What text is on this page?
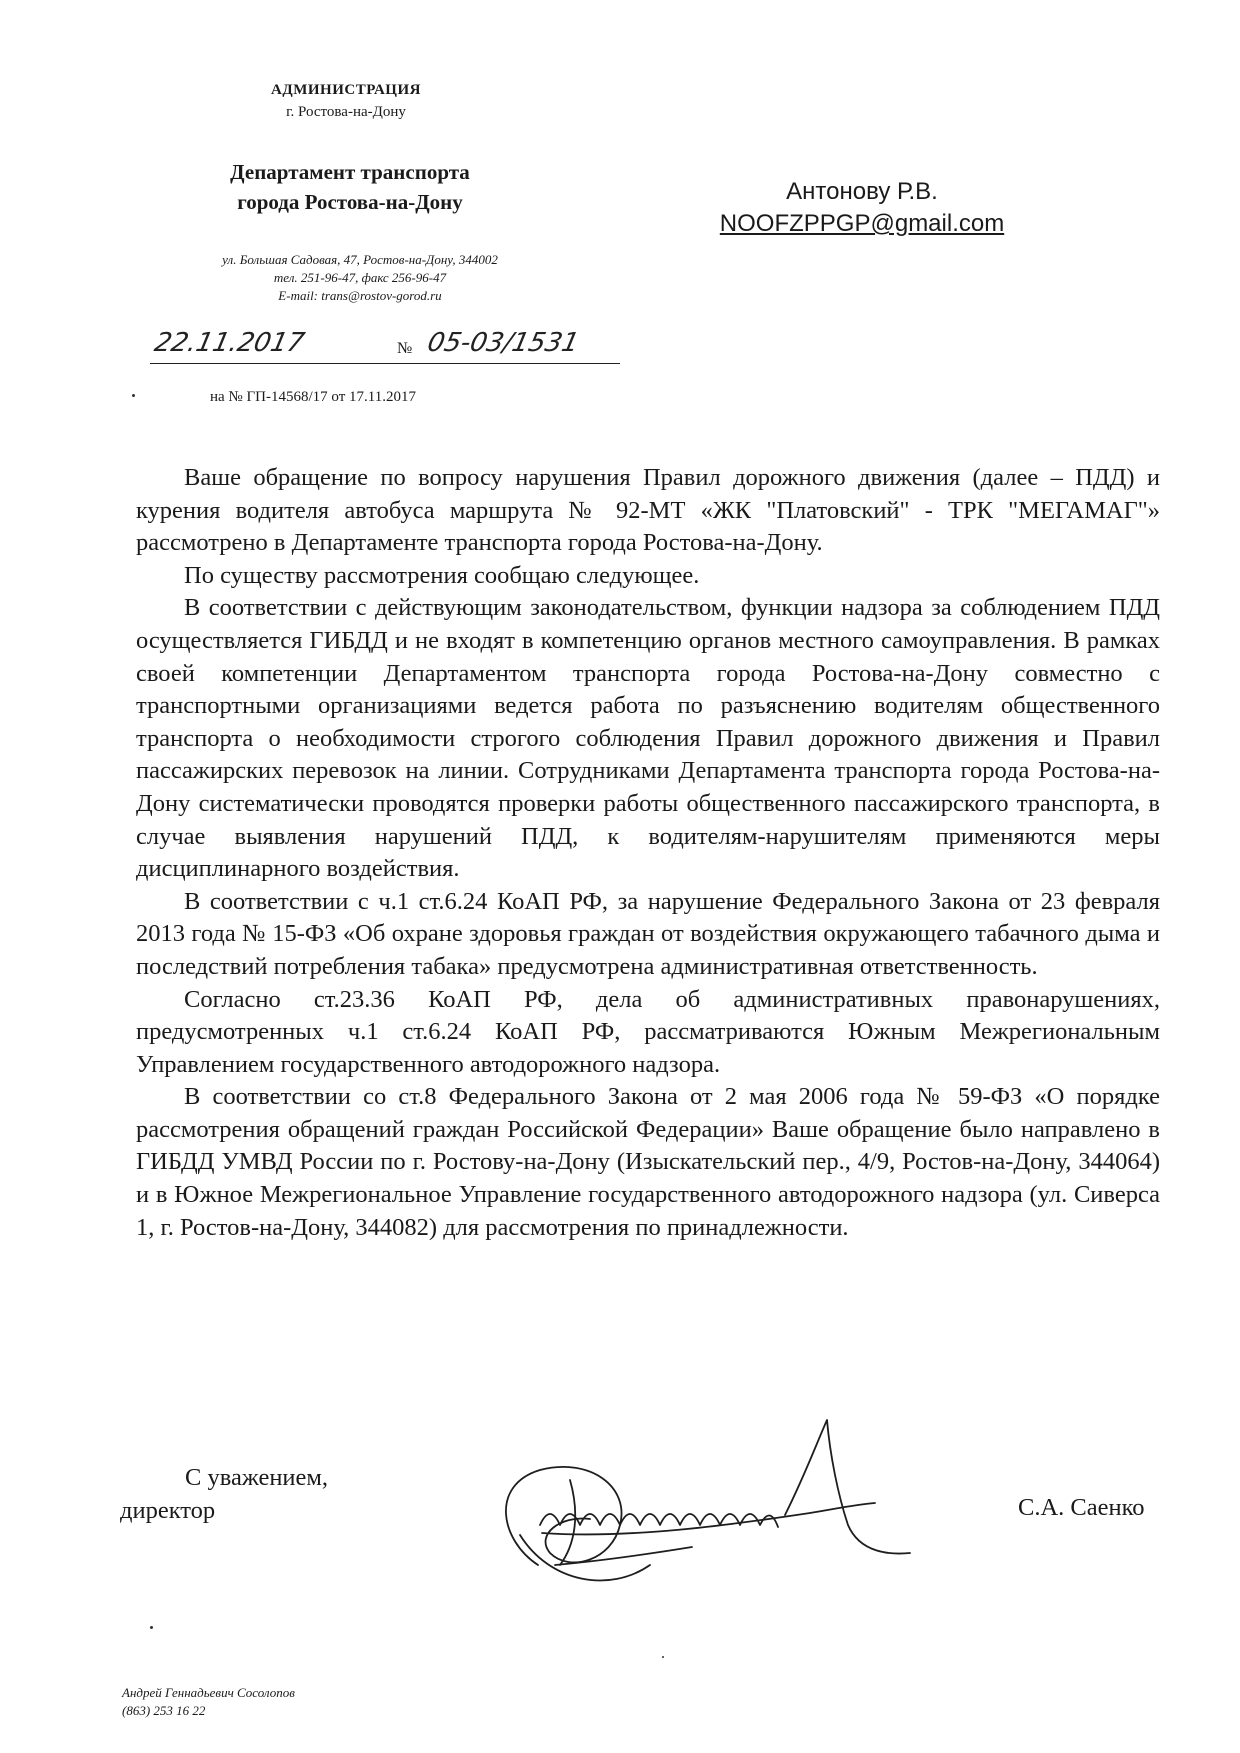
АДМИНИСТРАЦИЯ
г. Ростова-на-Дону
Департамент транспорта
города Ростова-на-Дону
ул. Большая Садовая, 47, Ростов-на-Дону, 344002
тел. 251-96-47, факс 256-96-47
E-mail: trans@rostov-gorod.ru
22.11.2017	№ 05-03/1531
на № ГП-14568/17 от 17.11.2017
Антонову Р.В.
NOOFZPPGP@gmail.com

Ваше обращение по вопросу нарушения Правил дорожного движения (далее – ПДД) и курения водителя автобуса маршрута № 92-МТ «ЖК "Платовский" - ТРК "МЕГАМАГ"» рассмотрено в Департаменте транспорта города Ростова-на-Дону.

По существу рассмотрения сообщаю следующее.

В соответствии с действующим законодательством, функции надзора за соблюдением ПДД осуществляется ГИБДД и не входят в компетенцию органов местного самоуправления. В рамках своей компетенции Департаментом транспорта города Ростова-на-Дону совместно с транспортными организациями ведется работа по разъяснению водителям общественного транспорта о необходимости строгого соблюдения Правил дорожного движения и Правил пассажирских перевозок на линии. Сотрудниками Департамента транспорта города Ростова-на-Дону систематически проводятся проверки работы общественного пассажирского транспорта, в случае выявления нарушений ПДД, к водителям-нарушителям применяются меры дисциплинарного воздействия.

В соответствии с ч.1 ст.6.24 КоАП РФ, за нарушение Федерального Закона от 23 февраля 2013 года № 15-ФЗ «Об охране здоровья граждан от воздействия окружающего табачного дыма и последствий потребления табака» предусмотрена административная ответственность.

Согласно ст.23.36 КоАП РФ, дела об административных правонарушениях, предусмотренных ч.1 ст.6.24 КоАП РФ, рассматриваются Южным Межрегиональным Управлением государственного автодорожного надзора.

В соответствии со ст.8 Федерального Закона от 2 мая 2006 года № 59-ФЗ «О порядке рассмотрения обращений граждан Российской Федерации» Ваше обращение было направлено в ГИБДД УМВД России по г. Ростову-на-Дону (Изыскательский пер., 4/9, Ростов-на-Дону, 344064) и в Южное Межрегиональное Управление государственного автодорожного надзора (ул. Сиверса 1, г. Ростов-на-Дону, 344082) для рассмотрения по принадлежности.

С уважением,
директор	С.А. Саенко
Андрей Геннадьевич Сосолопов
(863) 253 16 22
